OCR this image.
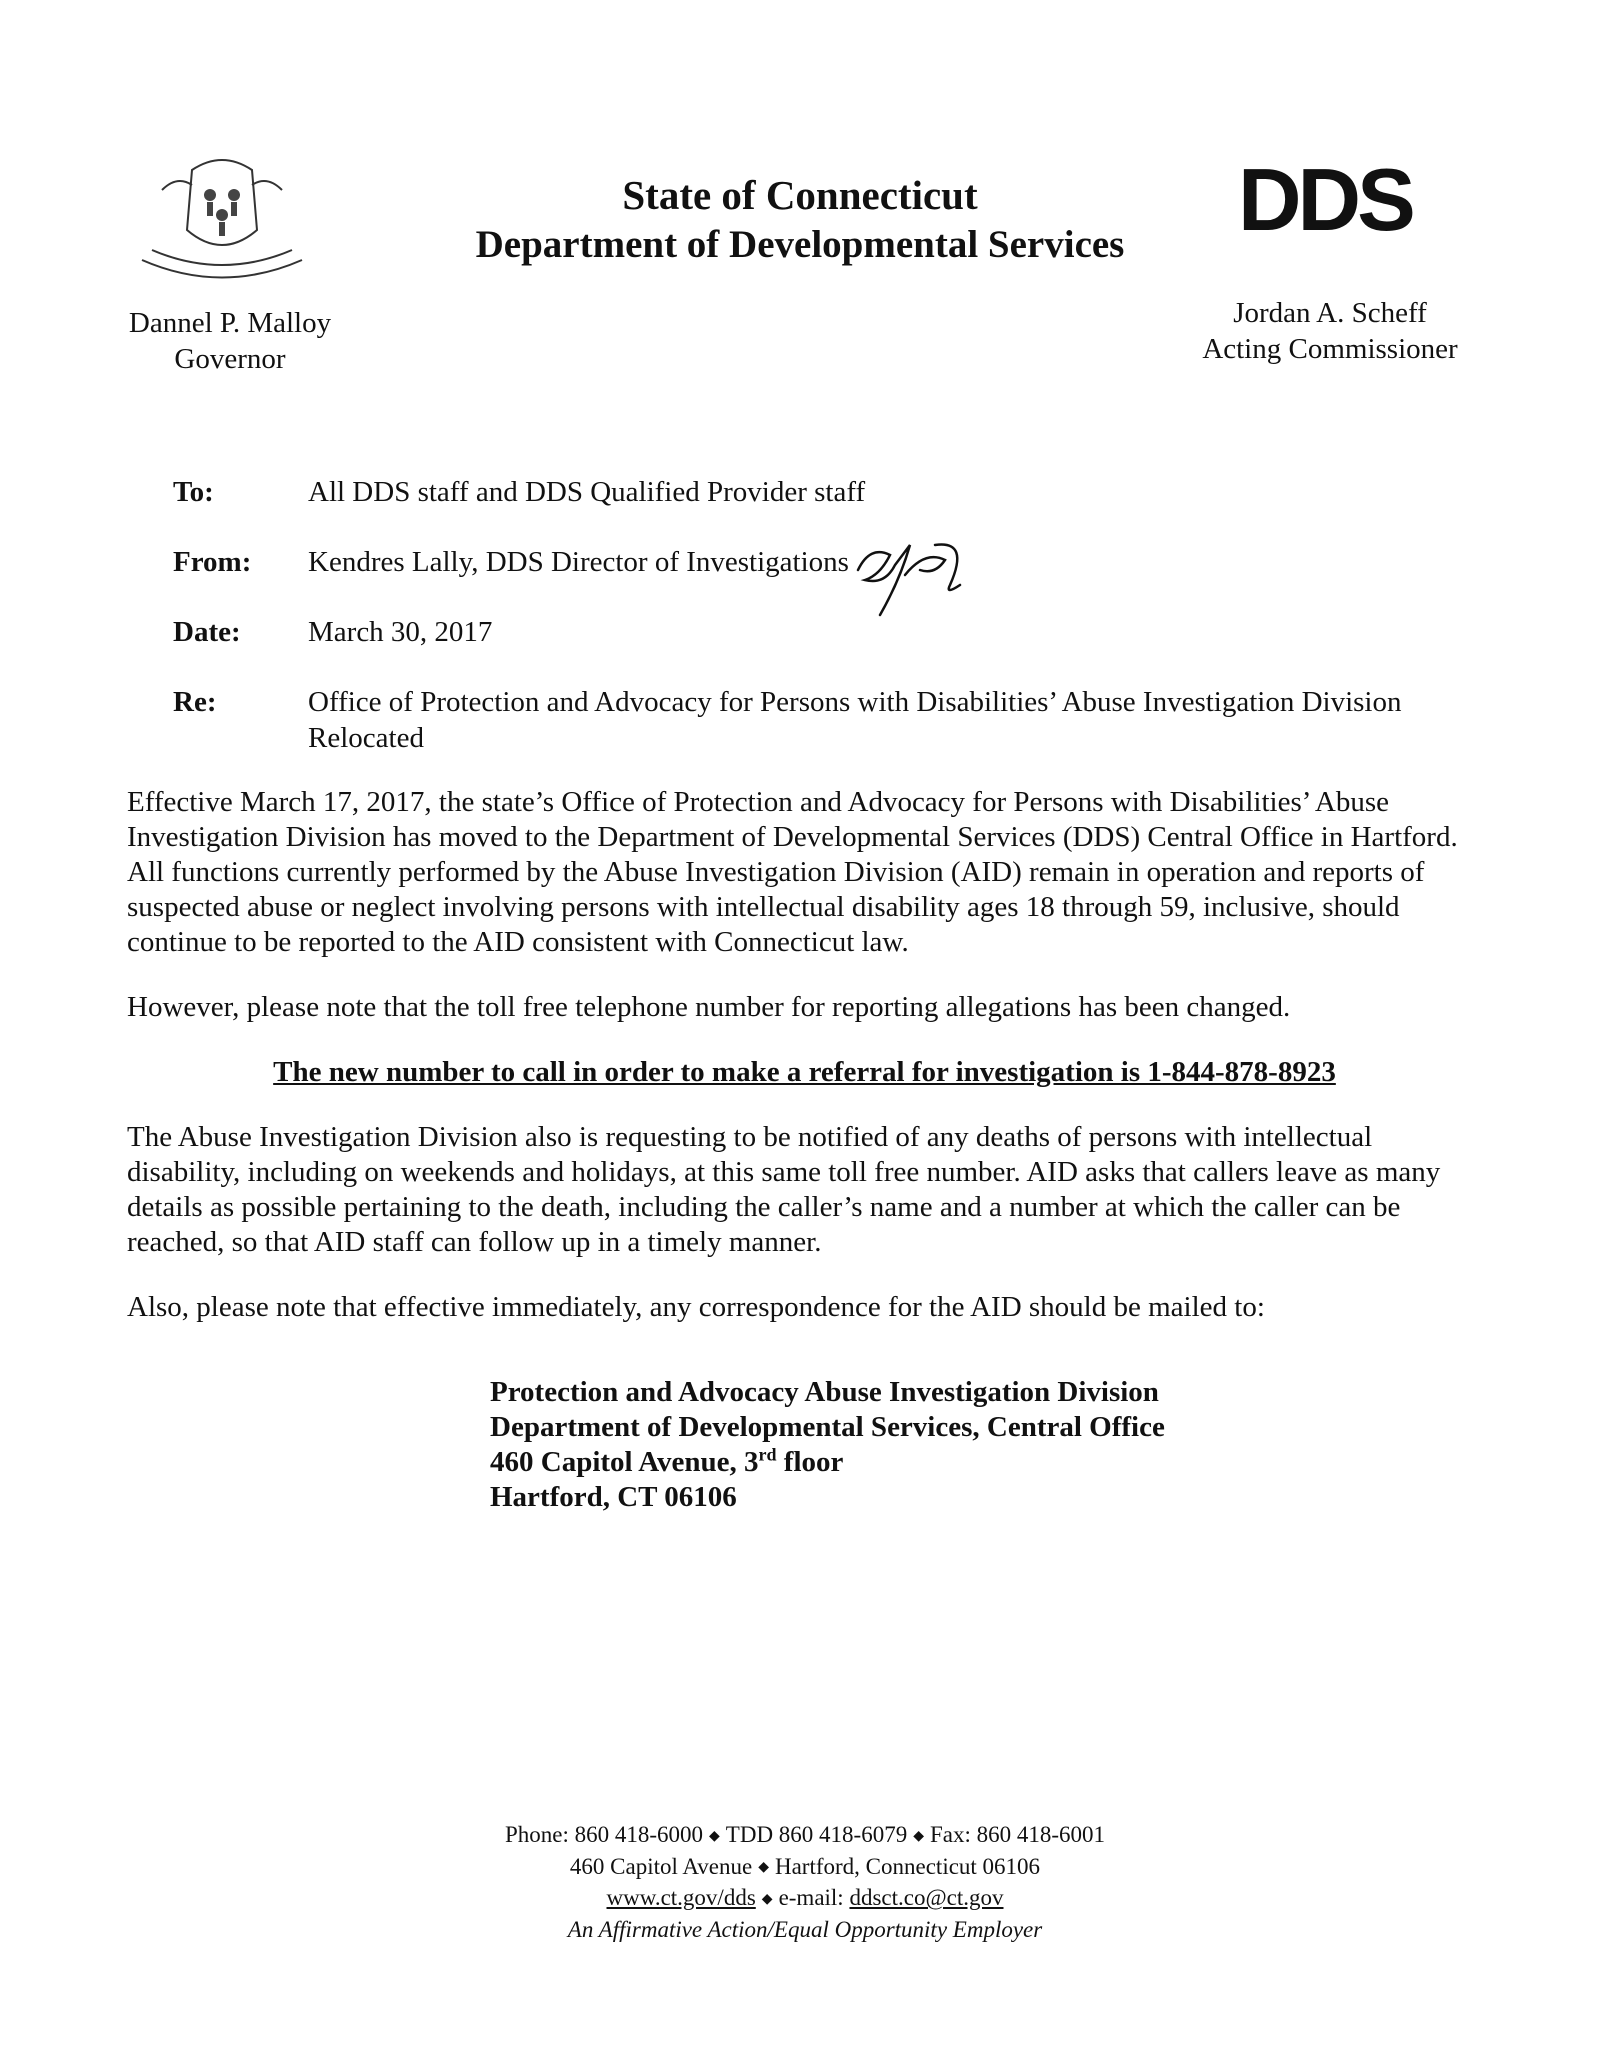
Dannel P. Malloy
Governor
State of Connecticut
Department of Developmental Services	DDS
Jordan A. Scheff
Acting Commissioner
To:	All DDS staff and DDS Qualified Provider staff
From:	Kendres Lally, DDS Director of Investigations
Date:	March 30, 2017
Re:	Office of Protection and Advocacy for Persons with Disabilities’ Abuse Investigation Division
Relocated

Effective March 17, 2017, the state’s Office of Protection and Advocacy for Persons with Disabilities’ Abuse Investigation Division has moved to the Department of Developmental Services (DDS) Central Office in Hartford. All functions currently performed by the Abuse Investigation Division (AID) remain in operation and reports of suspected abuse or neglect involving persons with intellectual disability ages 18 through 59, inclusive, should continue to be reported to the AID consistent with Connecticut law.

However, please note that the toll free telephone number for reporting allegations has been changed.

The new number to call in order to make a referral for investigation is 1-844-878-8923

The Abuse Investigation Division also is requesting to be notified of any deaths of persons with intellectual disability, including on weekends and holidays, at this same toll free number. AID asks that callers leave as many details as possible pertaining to the death, including the caller’s name and a number at which the caller can be reached, so that AID staff can follow up in a timely manner.

Also, please note that effective immediately, any correspondence for the AID should be mailed to:

Protection and Advocacy Abuse Investigation Division
Department of Developmental Services, Central Office
460 Capitol Avenue, 3rd floor
Hartford, CT 06106
Phone: 860 418-6000 ◆ TDD 860 418-6079 ◆ Fax: 860 418-6001
460 Capitol Avenue ◆ Hartford, Connecticut 06106
www.ct.gov/dds ◆ e-mail: ddsct.co@ct.gov
An Affirmative Action/Equal Opportunity Employer
